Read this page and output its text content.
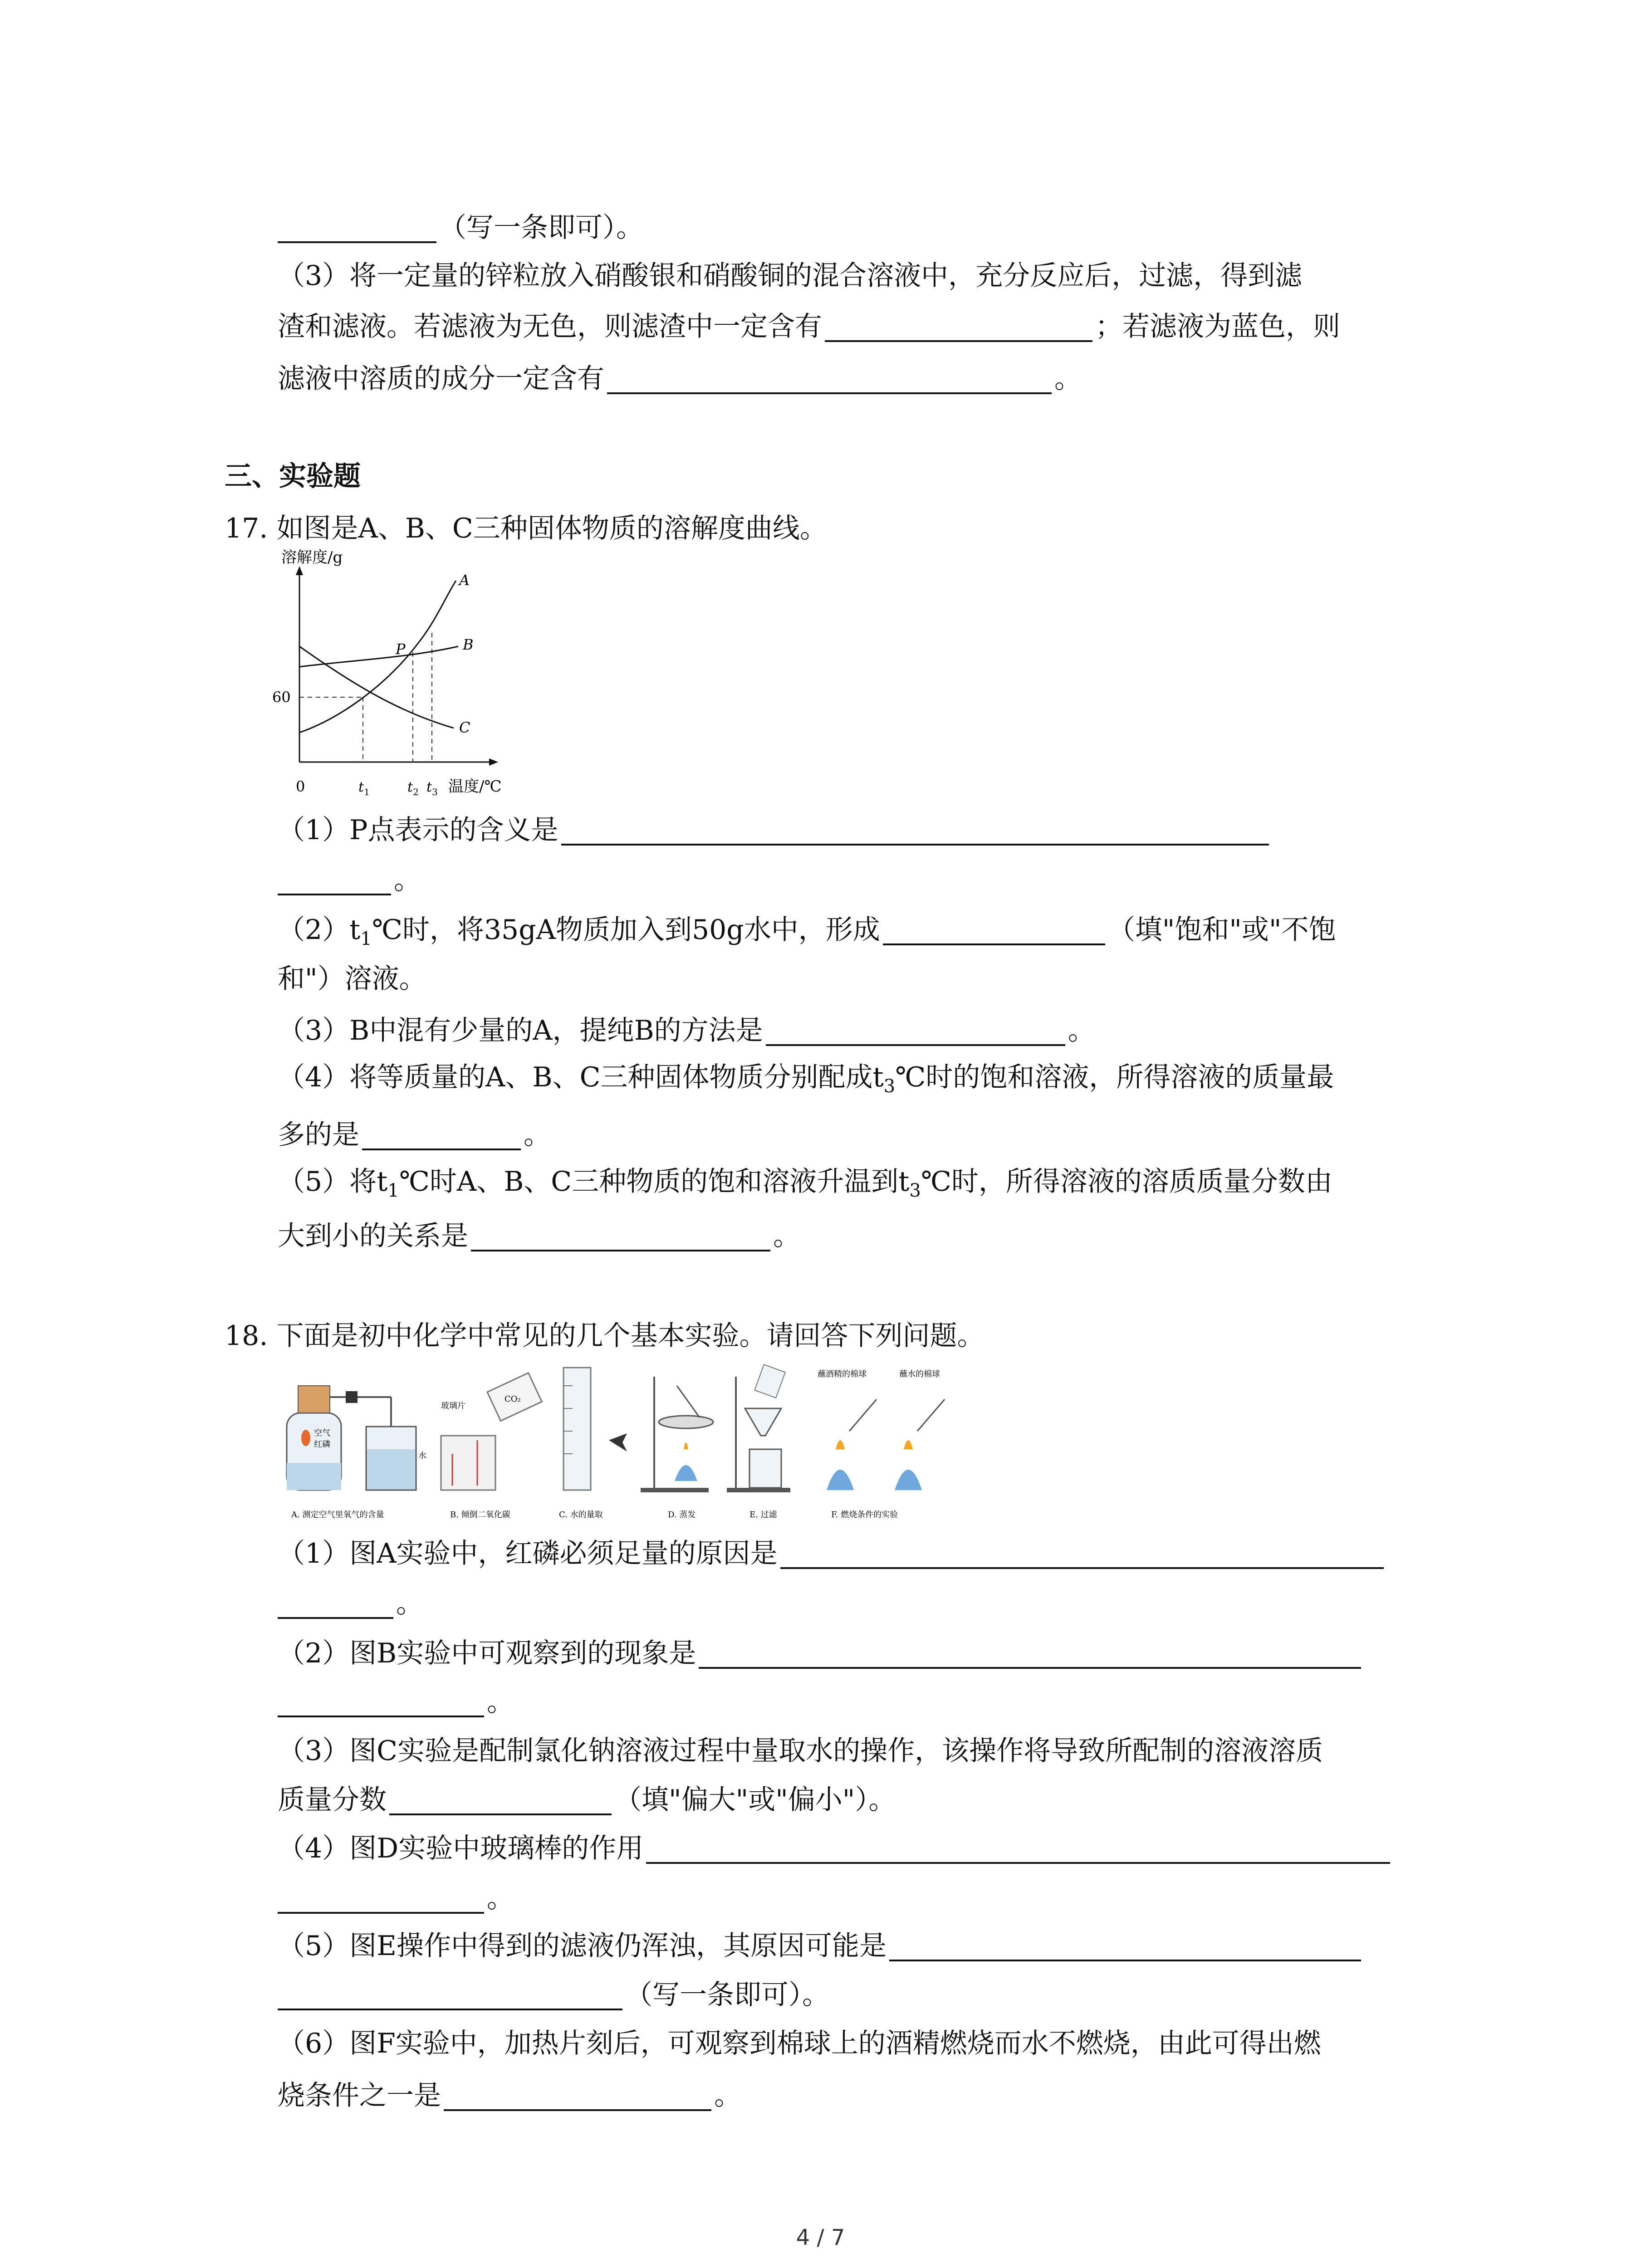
（写一条即可）。
（3）将一定量的锌粒放入硝酸银和硝酸铜的混合溶液中，充分反应后，过滤，得到滤
渣和滤液。若滤液为无色，则滤渣中一定含有	；若滤液为蓝色，则
滤液中溶质的成分一定含有	。
三、实验题
17. 如图是A、B、C三种固体物质的溶解度曲线。
溶解度/g
温度/℃
0
60
A
B
C
P
$t_1$	$t_2$ $t_3$
（1）P点表示的含义是
。
$(2)t_1℃$时，将35gA物质加入到50g水中，形成	（填"饱和"或"不饱
和"）溶液。
（3）B中混有少量的A，提纯B的方法是	。
（4）将等质量的A、B、C三种固体物质分别配成$t_3℃$时的饱和溶液，所得溶液的质量最
多的是	。
（5）将$t_1℃$时A、B、C三种物质的饱和溶液升温到$t_3℃$时，所得溶液的溶质质量分数由
大到小的关系是	。
18. 下面是初中化学中常见的几个基本实验。请回答下列问题。
空气
红磷
水
玻璃片
CO₂
蘸酒精的棉球	蘸水的棉球
A. 测定空气里氧气的含量	B. 倾倒二氧化碳	C. 水的量取	D. 蒸发	E. 过滤	F. 燃烧条件的实验
（1）图A实验中，红磷必须足量的原因是
。
（2）图B实验中可观察到的现象是
。
（3）图C实验是配制氯化钠溶液过程中量取水的操作，该操作将导致所配制的溶液溶质
质量分数	（填"偏大"或"偏小"）。
（4）图D实验中玻璃棒的作用
。
（5）图E操作中得到的滤液仍浑浊，其原因可能是
（写一条即可）。
（6）图F实验中，加热片刻后，可观察到棉球上的酒精燃烧而水不燃烧，由此可得出燃
烧条件之一是	。
4 / 7
